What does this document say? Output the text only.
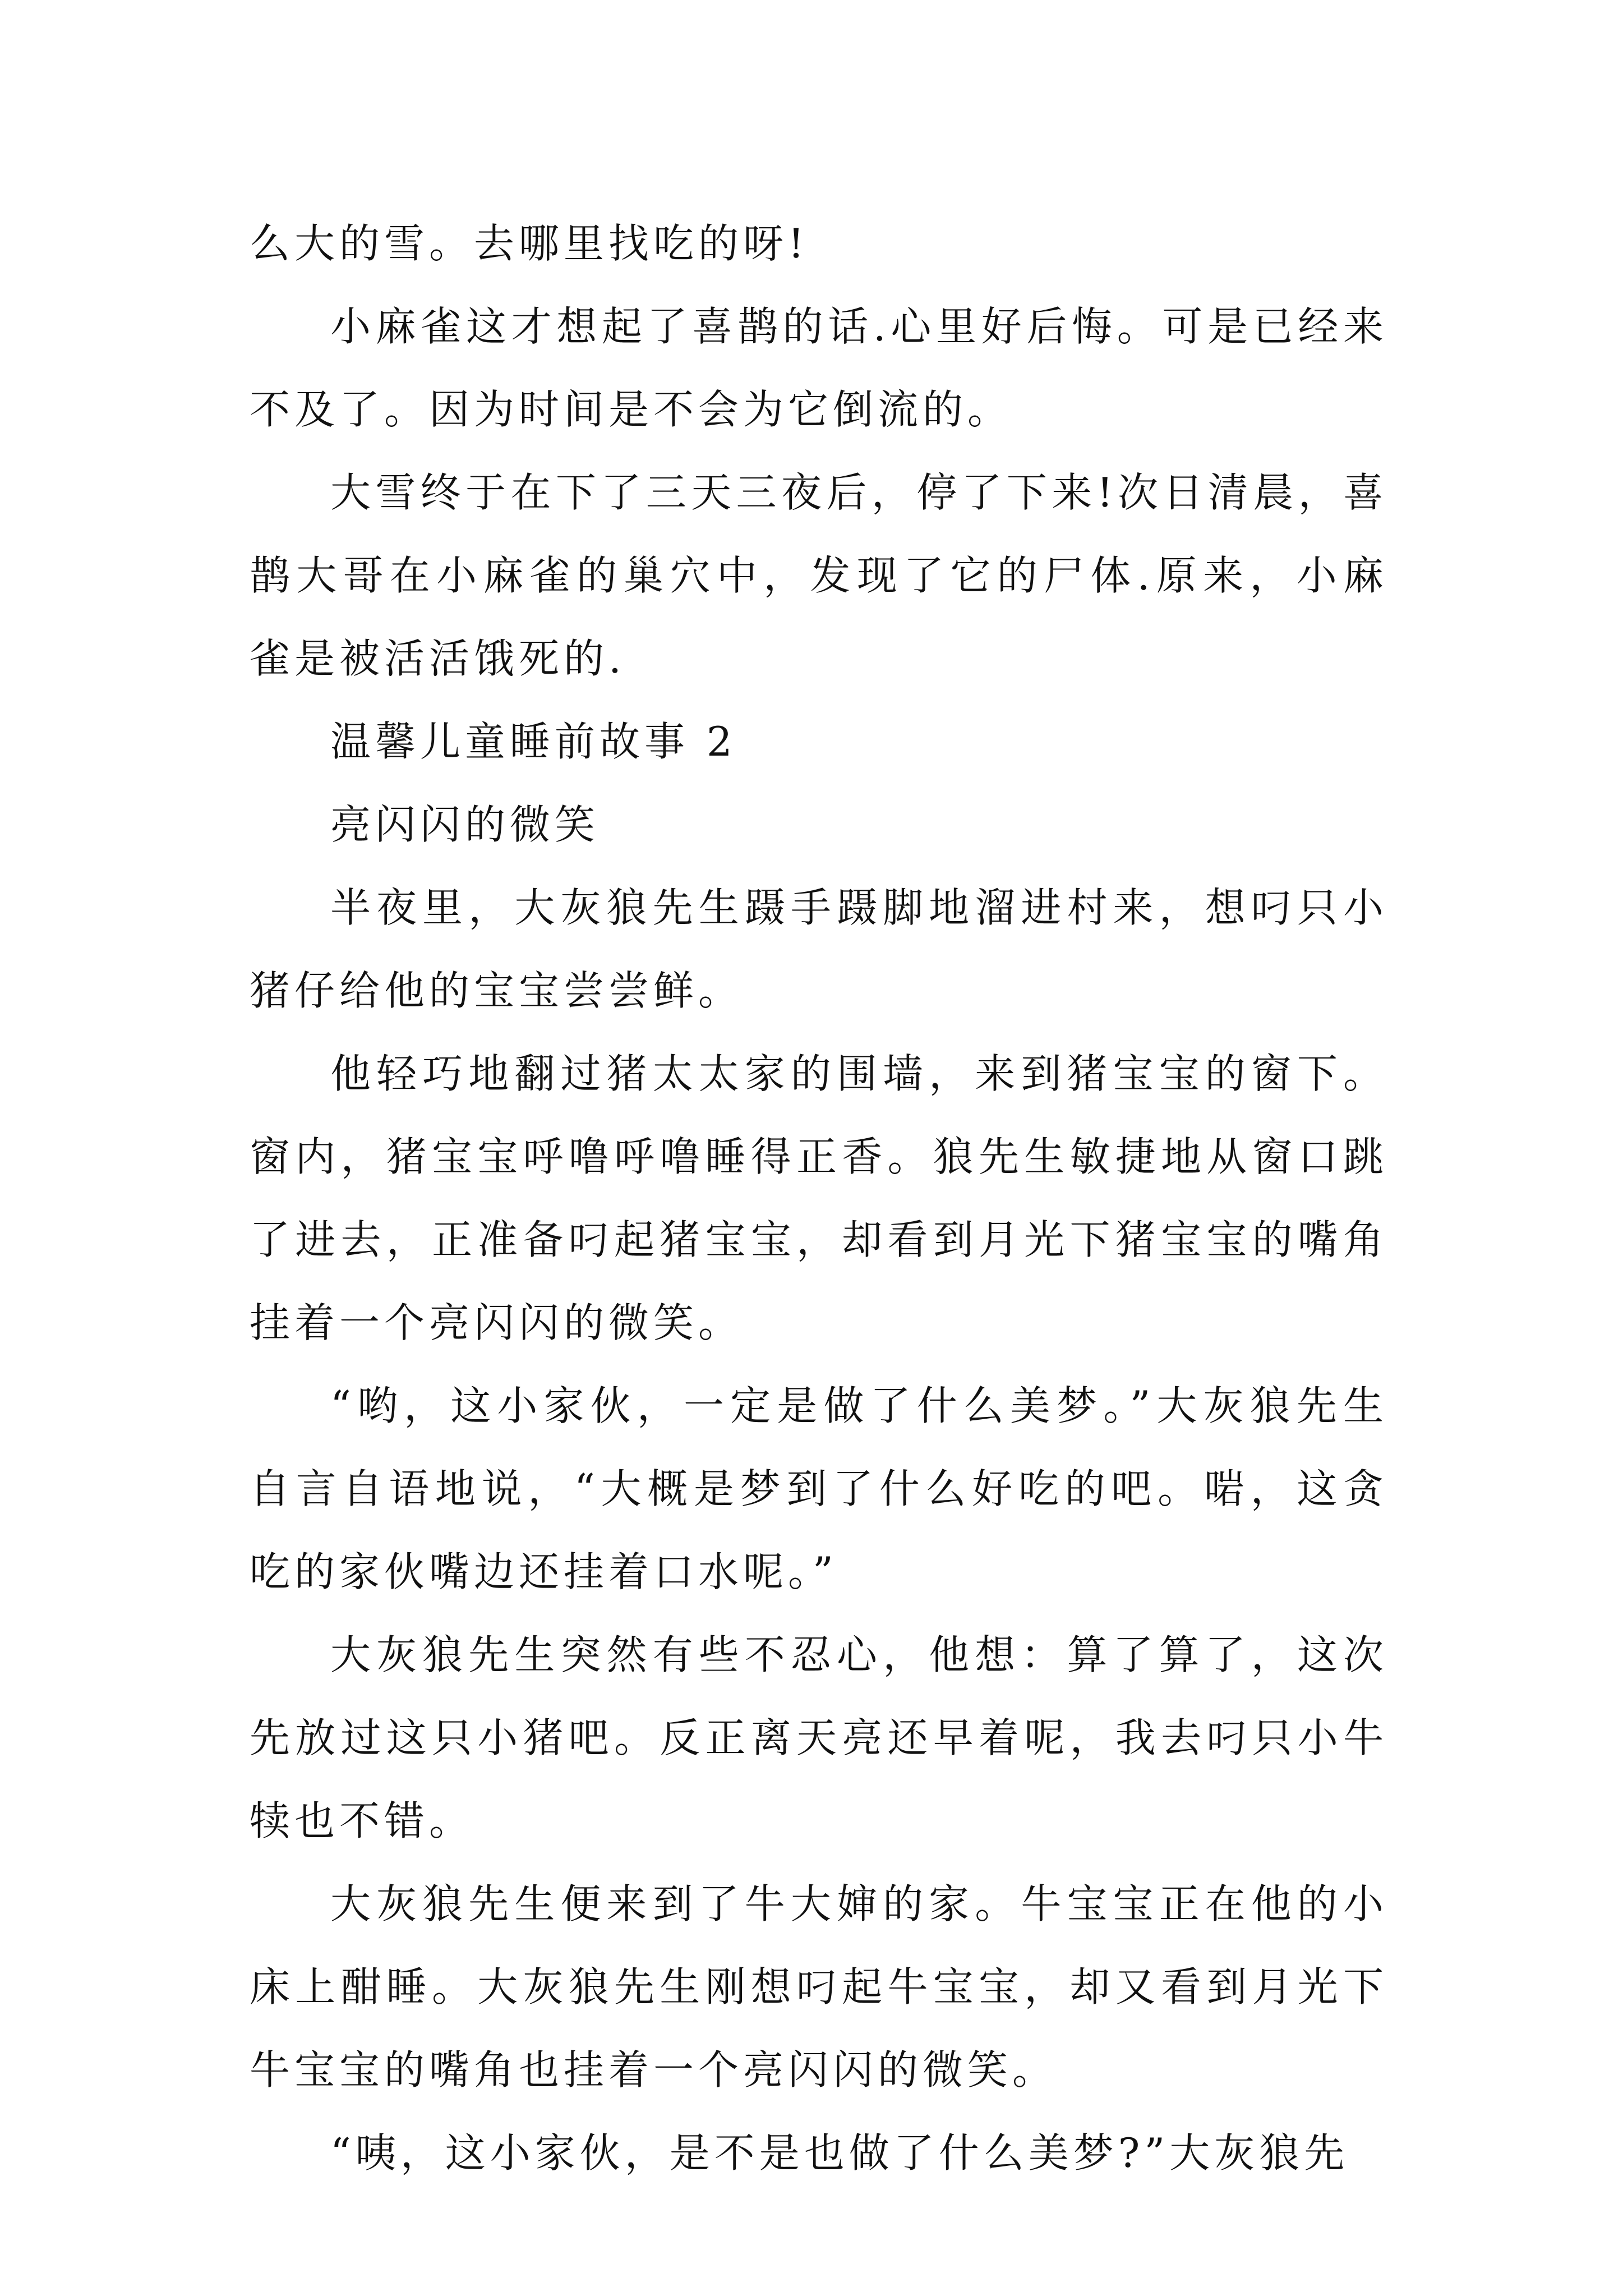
么大的雪。去哪里找吃的呀!

小麻雀这才想起了喜鹊的话.心里好后悔。可是已经来不及了。因为时间是不会为它倒流的。

大雪终于在下了三天三夜后，停了下来!次日清晨，喜鹊大哥在小麻雀的巢穴中，发现了它的尸体.原来，小麻雀是被活活饿死的.

温馨儿童睡前故事 2

亮闪闪的微笑

半夜里，大灰狼先生蹑手蹑脚地溜进村来，想叼只小猪仔给他的宝宝尝尝鲜。

他轻巧地翻过猪太太家的围墙，来到猪宝宝的窗下。窗内，猪宝宝呼噜呼噜睡得正香。狼先生敏捷地从窗口跳了进去，正准备叼起猪宝宝，却看到月光下猪宝宝的嘴角挂着一个亮闪闪的微笑。

“哟，这小家伙，一定是做了什么美梦。”大灰狼先生自言自语地说，“大概是梦到了什么好吃的吧。啱，这贪吃的家伙嘴边还挂着口水呢。”

大灰狼先生突然有些不忍心，他想：算了算了，这次先放过这只小猪吧。反正离天亮还早着呢，我去叼只小牛犊也不错。

大灰狼先生便来到了牛大婶的家。牛宝宝正在他的小床上酣睡。大灰狼先生刚想叼起牛宝宝，却又看到月光下牛宝宝的嘴角也挂着一个亮闪闪的微笑。

“咦，这小家伙，是不是也做了什么美梦?”大灰狼先
